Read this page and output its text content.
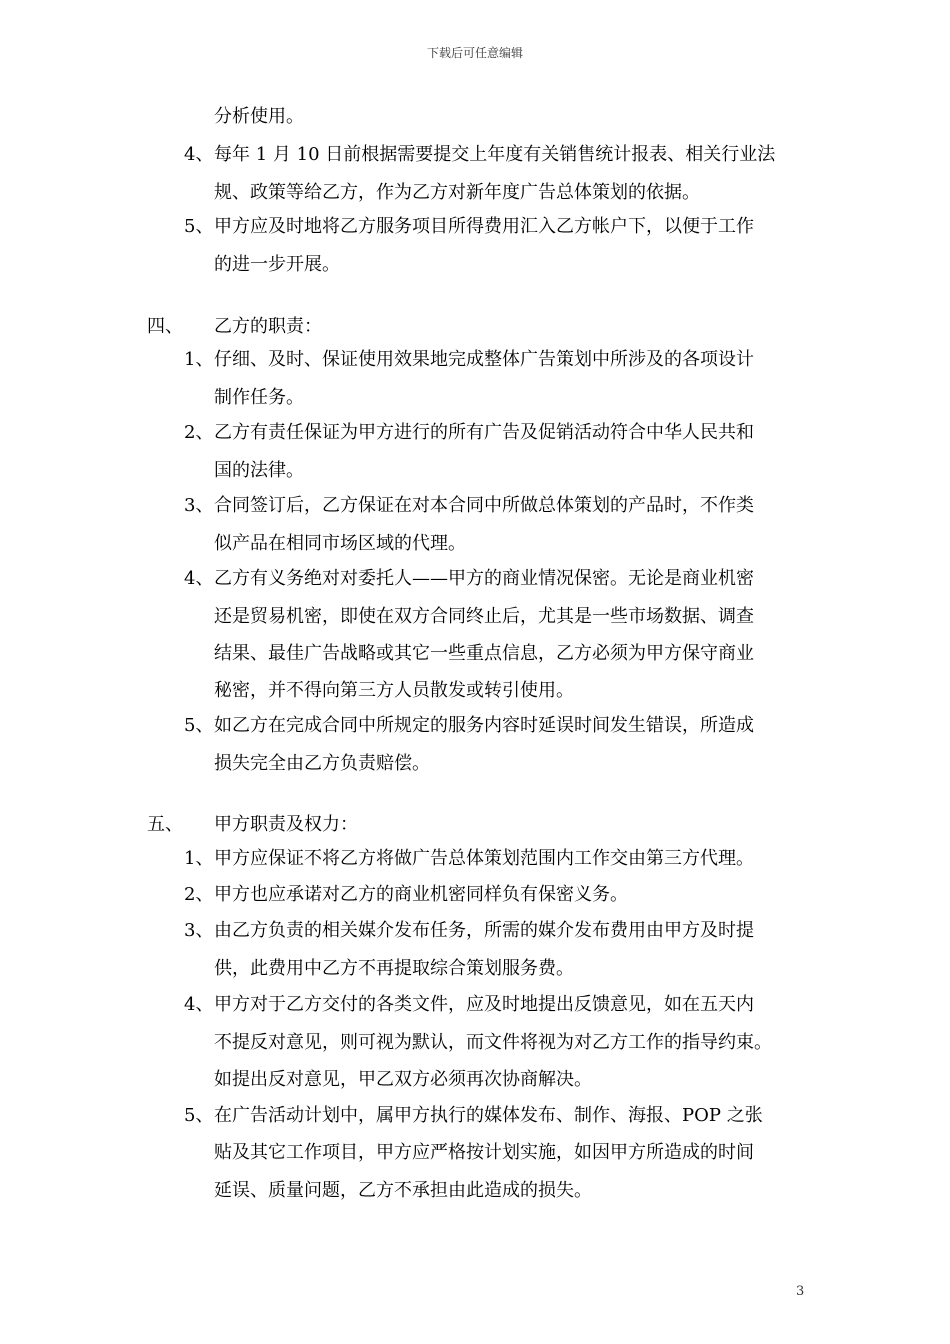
下载后可任意编辑
分析使用。
4、 每年 1 月 10 日前根据需要提交上年度有关销售统计报表、相关行业法
规、政策等给乙方，作为乙方对新年度广告总体策划的依据。
5、 甲方应及时地将乙方服务项目所得费用汇入乙方帐户下，以便于工作
的进一步开展。
四、 乙方的职责：
1、 仔细、及时、保证使用效果地完成整体广告策划中所涉及的各项设计
制作任务。
2、 乙方有责任保证为甲方进行的所有广告及促销活动符合中华人民共和
国的法律。
3、 合同签订后，乙方保证在对本合同中所做总体策划的产品时，不作类
似产品在相同市场区域的代理。
4、 乙方有义务绝对对委托人——甲方的商业情况保密。无论是商业机密
还是贸易机密，即使在双方合同终止后，尤其是一些市场数据、调查
结果、最佳广告战略或其它一些重点信息，乙方必须为甲方保守商业
秘密，并不得向第三方人员散发或转引使用。
5、 如乙方在完成合同中所规定的服务内容时延误时间发生错误，所造成
损失完全由乙方负责赔偿。
五、 甲方职责及权力：
1、 甲方应保证不将乙方将做广告总体策划范围内工作交由第三方代理。
2、 甲方也应承诺对乙方的商业机密同样负有保密义务。
3、 由乙方负责的相关媒介发布任务，所需的媒介发布费用由甲方及时提
供，此费用中乙方不再提取综合策划服务费。
4、 甲方对于乙方交付的各类文件，应及时地提出反馈意见，如在五天内
不提反对意见，则可视为默认，而文件将视为对乙方工作的指导约束。
如提出反对意见，甲乙双方必须再次协商解决。
5、 在广告活动计划中，属甲方执行的媒体发布、制作、海报、POP 之张
贴及其它工作项目，甲方应严格按计划实施，如因甲方所造成的时间
延误、质量问题，乙方不承担由此造成的损失。
3
